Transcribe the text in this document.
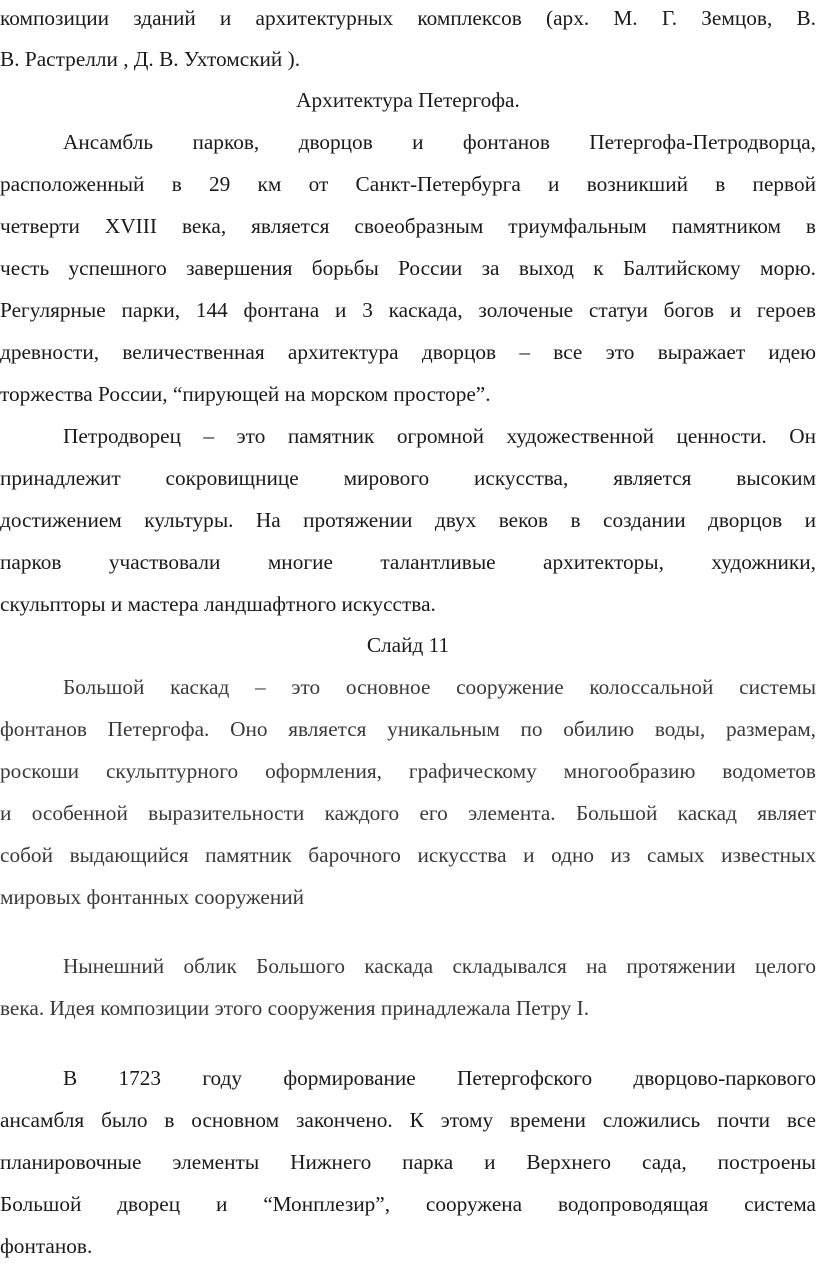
композиции зданий и архитектурных комплексов (арх. М. Г. Земцов, В.
В. Растрелли , Д. В. Ухтомский ).
Архитектура Петергофа.
Ансамбль парков, дворцов и фонтанов Петергофа-Петродворца,
расположенный в 29 км от Санкт-Петербурга и возникший в первой
четверти XVIII века, является своеобразным триумфальным памятником в
честь успешного завершения борьбы России за выход к Балтийскому морю.
Регулярные парки, 144 фонтана и 3 каскада, золоченые статуи богов и героев
древности, величественная архитектура дворцов – все это выражает идею
торжества России, “пирующей на морском просторе”.
Петродворец – это памятник огромной художественной ценности. Он
принадлежит сокровищнице мирового искусства, является высоким
достижением культуры. На протяжении двух веков в создании дворцов и
парков участвовали многие талантливые архитекторы, художники,
скульпторы и мастера ландшафтного искусства.
Слайд 11
Большой каскад – это основное сооружение колоссальной системы
фонтанов Петергофа. Оно является уникальным по обилию воды, размерам,
роскоши скульптурного оформления, графическому многообразию водометов
и особенной выразительности каждого его элемента. Большой каскад являет
собой выдающийся памятник барочного искусства и одно из самых известных
мировых фонтанных сооружений
Нынешний облик Большого каскада складывался на протяжении целого
века. Идея композиции этого сооружения принадлежала Петру I.
В 1723 году формирование Петергофского дворцово-паркового
ансамбля было в основном закончено. К этому времени сложились почти все
планировочные элементы Нижнего парка и Верхнего сада, построены
Большой дворец и “Монплезир”, сооружена водопроводящая система
фонтанов.
